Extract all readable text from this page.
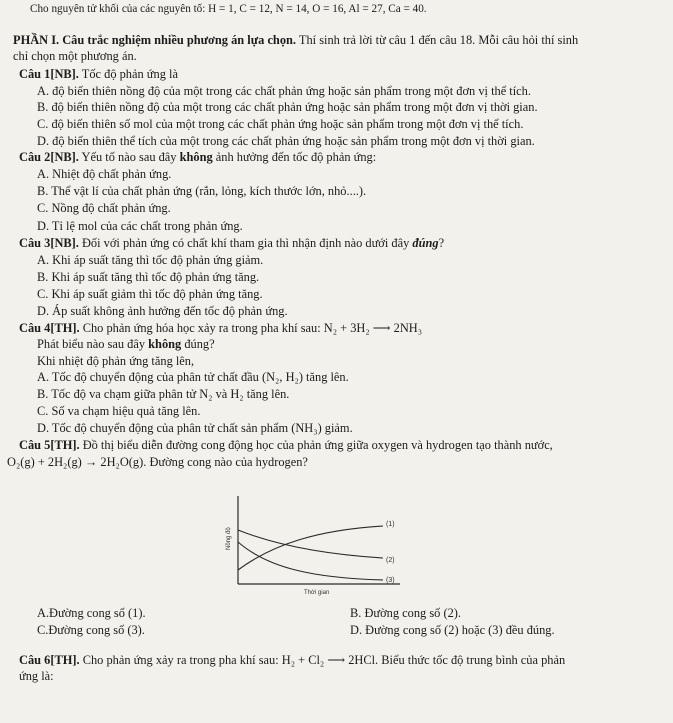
Cho nguyên tử khối của các nguyên tố: H = 1, C = 12, N = 14, O = 16, Al = 27, Ca = 40.
PHẦN I. Câu trắc nghiệm nhiều phương án lựa chọn. Thí sinh trả lời từ câu 1 đến câu 18. Mỗi câu hỏi thí sinh
chỉ chọn một phương án.
Câu 1[NB]. Tốc độ phản ứng là
A. độ biến thiên nồng độ của một trong các chất phản ứng hoặc sản phẩm trong một đơn vị thể tích.
B. độ biến thiên nồng độ của một trong các chất phản ứng hoặc sản phẩm trong một đơn vị thời gian.
C. độ biến thiên số mol của một trong các chất phản ứng hoặc sản phẩm trong một đơn vị thể tích.
D. độ biến thiên thể tích của một trong các chất phản ứng hoặc sản phẩm trong một đơn vị thời gian.
Câu 2[NB]. Yếu tố nào sau đây không ảnh hưởng đến tốc độ phản ứng:
A. Nhiệt độ chất phản ứng.
B. Thể vật lí của chất phản ứng (rắn, lỏng, kích thước lớn, nhỏ....).
C. Nồng độ chất phản ứng.
D. Tỉ lệ mol của các chất trong phản ứng.
Câu 3[NB]. Đối với phản ứng có chất khí tham gia thì nhận định nào dưới đây đúng?
A. Khi áp suất tăng thì tốc độ phản ứng giảm.
B. Khi áp suất tăng thì tốc độ phản ứng tăng.
C. Khi áp suất giảm thì tốc độ phản ứng tăng.
D. Áp suất không ảnh hưởng đến tốc độ phản ứng.
Câu 4[TH]. Cho phản ứng hóa học xảy ra trong pha khí sau: N₂ + 3H₂ ⟶ 2NH₃
Phát biểu nào sau đây không đúng?
Khi nhiệt độ phản ứng tăng lên,
A. Tốc độ chuyển động của phân tử chất đầu (N₂, H₂) tăng lên.
B. Tốc độ va chạm giữa phân tử N₂ và H₂ tăng lên.
C. Số va chạm hiệu quả tăng lên.
D. Tốc độ chuyển động của phân tử chất sản phẩm (NH₃) giảm.
Câu 5[TH]. Đồ thị biểu diễn đường cong động học của phản ứng giữa oxygen và hydrogen tạo thành nước,
O₂(g) + 2H₂(g) → 2H₂O(g). Đường cong nào của hydrogen?
(1)
(2)
(3)
Nồng độ
Thời gian
A.Đường cong số (1).	B. Đường cong số (2).
C.Đường cong số (3).	D. Đường cong số (2) hoặc (3) đều đúng.
Câu 6[TH]. Cho phản ứng xảy ra trong pha khí sau: H₂ + Cl₂ ⟶ 2HCl. Biểu thức tốc độ trung bình của phản
ứng là:
